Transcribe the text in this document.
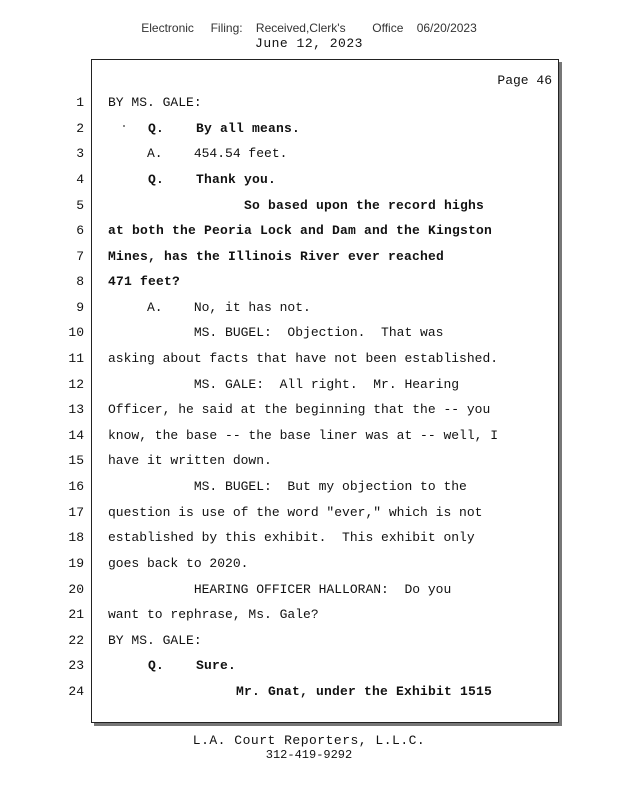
Electronic     Filing:    Received,Clerk's        Office    06/20/2023
June 12, 2023
Page 46
1
2
3
4
5
6
7
8
9
10
11
12
13
14
15
16
17
18
19
20
21
22
23
24
BY MS. GALE:
Q.    By all means.
A.    454.54 feet.
Q.    Thank you.
So based upon the record highs
at both the Peoria Lock and Dam and the Kingston
Mines, has the Illinois River ever reached
471 feet?
A.    No, it has not.
MS. BUGEL:  Objection.  That was
asking about facts that have not been established.
MS. GALE:  All right.  Mr. Hearing
Officer, he said at the beginning that the -- you
know, the base -- the base liner was at -- well, I
have it written down.
MS. BUGEL:  But my objection to the
question is use of the word "ever," which is not
established by this exhibit.  This exhibit only
goes back to 2020.
HEARING OFFICER HALLORAN:  Do you
want to rephrase, Ms. Gale?
BY MS. GALE:
Q.    Sure.
Mr. Gnat, under the Exhibit 1515
L.A. Court Reporters, L.L.C.
312-419-9292
